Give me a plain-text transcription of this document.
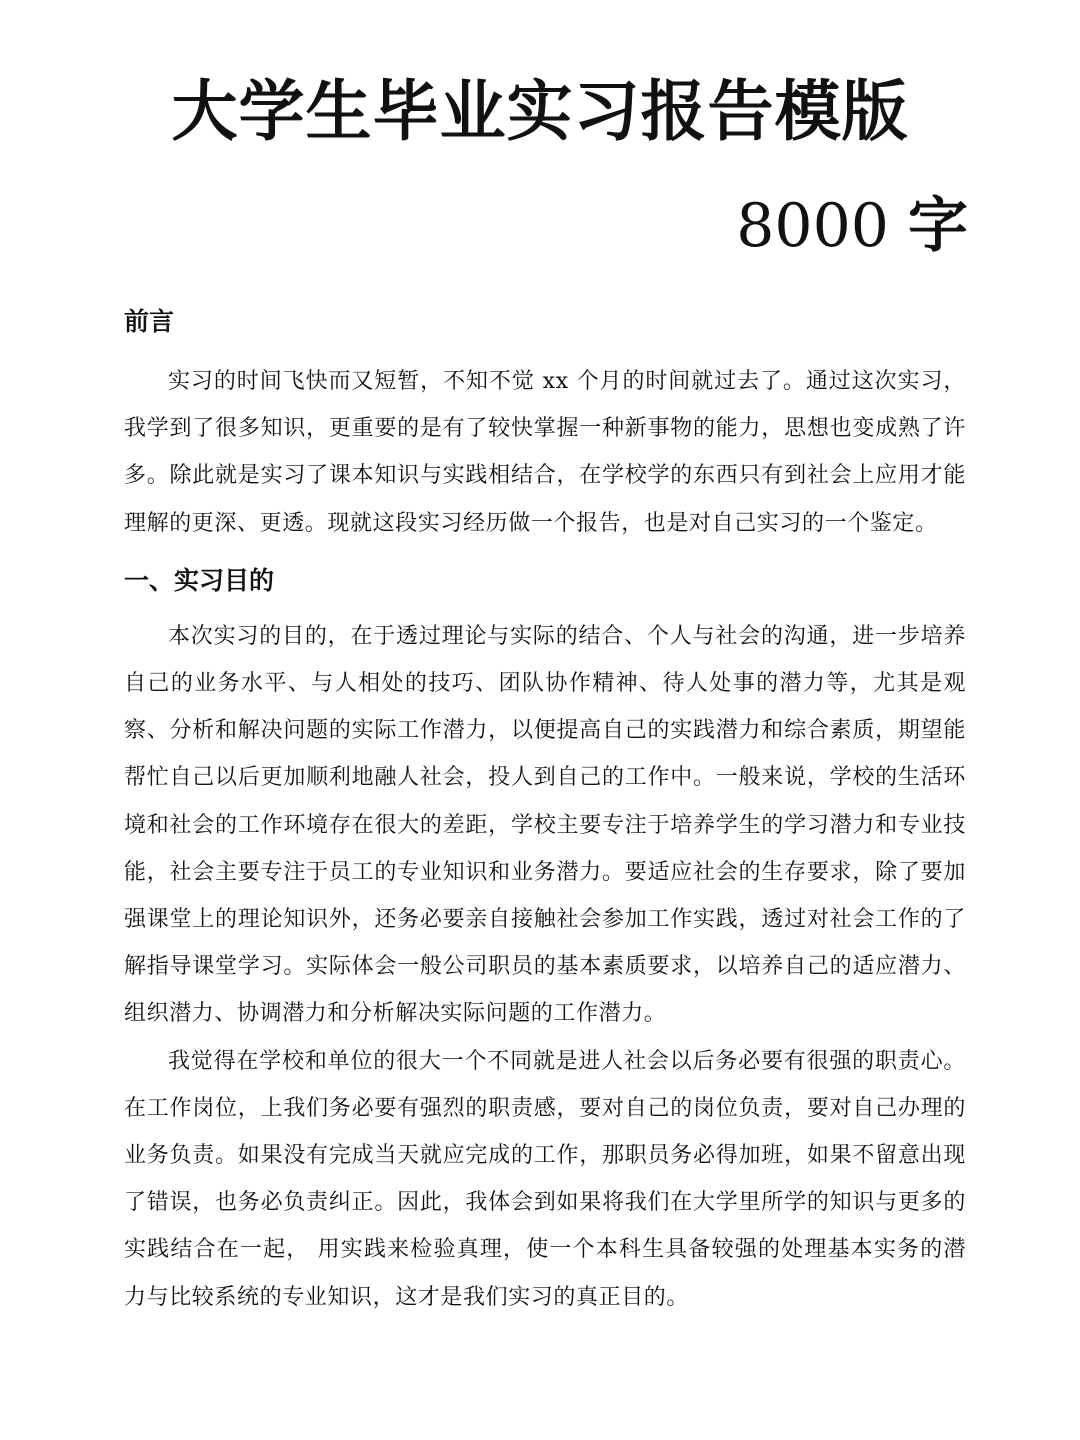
大学生毕业实习报告模版
8000 字
前言

实习的时间飞快而又短暂，不知不觉 xx 个月的时间就过去了。通过这次实习，我学到了很多知识，更重要的是有了较快掌握一种新事物的能力，思想也变成熟了许多。除此就是实习了课本知识与实践相结合，在学校学的东西只有到社会上应用才能理解的更深、更透。现就这段实习经历做一个报告，也是对自己实习的一个鉴定。

一、实习目的

本次实习的目的，在于透过理论与实际的结合、个人与社会的沟通，进一步培养自己的业务水平、与人相处的技巧、团队协作精神、待人处事的潜力等，尤其是观察、分析和解决问题的实际工作潜力，以便提高自己的实践潜力和综合素质，期望能帮忙自己以后更加顺利地融人社会，投人到自己的工作中。一般来说，学校的生活环境和社会的工作环境存在很大的差距，学校主要专注于培养学生的学习潜力和专业技能，社会主要专注于员工的专业知识和业务潜力。要适应社会的生存要求，除了要加强课堂上的理论知识外，还务必要亲自接触社会参加工作实践，透过对社会工作的了解指导课堂学习。实际体会一般公司职员的基本素质要求，以培养自己的适应潜力、组织潜力、协调潜力和分析解决实际问题的工作潜力。

我觉得在学校和单位的很大一个不同就是进人社会以后务必要有很强的职责心。在工作岗位，上我们务必要有强烈的职责感，要对自己的岗位负责，要对自己办理的业务负责。如果没有完成当天就应完成的工作，那职员务必得加班，如果不留意出现了错误，也务必负责纠正。因此，我体会到如果将我们在大学里所学的知识与更多的实践结合在一起， 用实践来检验真理，使一个本科生具备较强的处理基本实务的潜力与比较系统的专业知识，这才是我们实习的真正目的。
